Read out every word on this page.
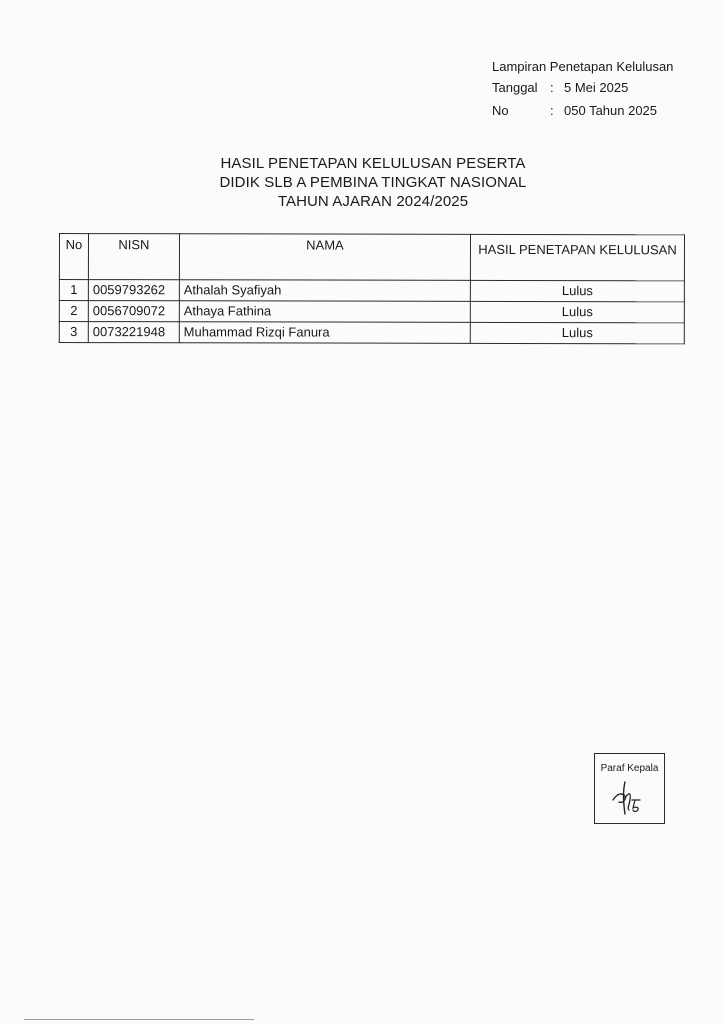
Lampiran Penetapan Kelulusan
Tanggal : 5 Mei 2025
No	: 050 Tahun 2025
HASIL PENETAPAN KELULUSAN PESERTA
DIDIK SLB A PEMBINA TINGKAT NASIONAL
TAHUN AJARAN 2024/2025
No	NISN	NAMA	HASIL PENETAPAN KELULUSAN
1	0059793262	Athalah Syafiyah	Lulus
2	0056709072	Athaya Fathina	Lulus
3	0073221948	Muhammad Rizqi Fanura	Lulus
Paraf Kepala
